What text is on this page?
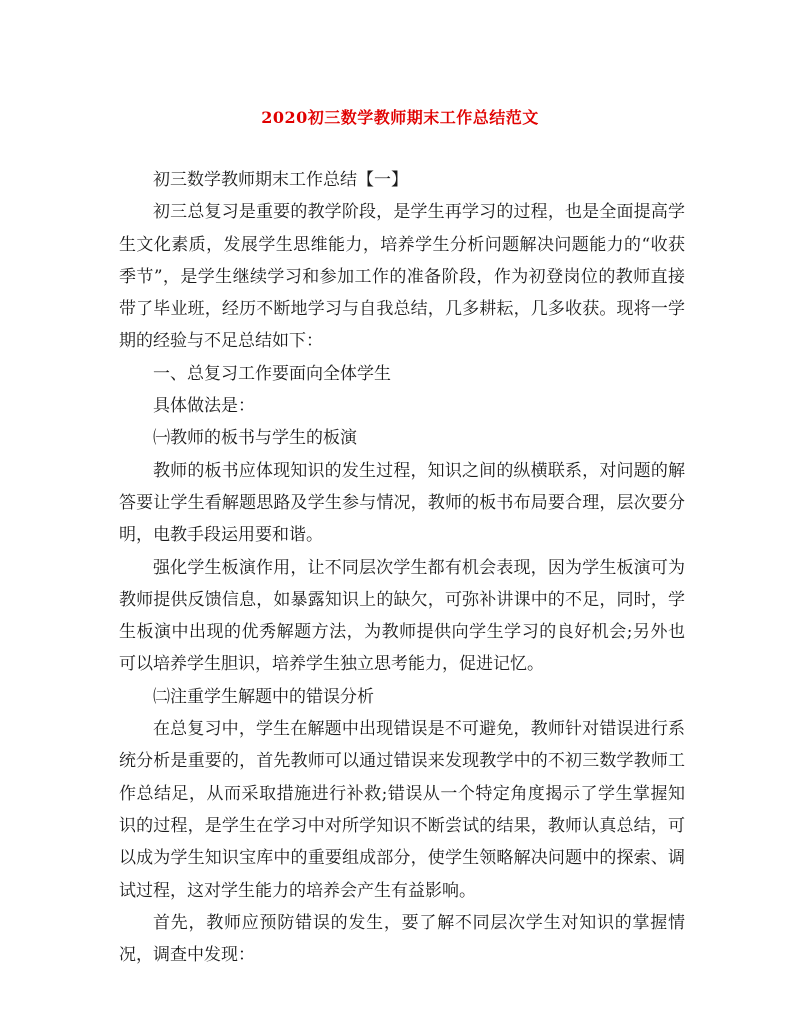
2020初三数学教师期末工作总结范文

初三数学教师期末工作总结【一】

初三总复习是重要的教学阶段，是学生再学习的过程，也是全面提高学生文化素质，发展学生思维能力，培养学生分析问题解决问题能力的“收获季节”，是学生继续学习和参加工作的准备阶段，作为初登岗位的教师直接带了毕业班，经历不断地学习与自我总结，几多耕耘，几多收获。现将一学期的经验与不足总结如下：

一、总复习工作要面向全体学生

具体做法是：

㈠教师的板书与学生的板演

教师的板书应体现知识的发生过程，知识之间的纵横联系，对问题的解答要让学生看解题思路及学生参与情况，教师的板书布局要合理，层次要分明，电教手段运用要和谐。

强化学生板演作用，让不同层次学生都有机会表现，因为学生板演可为教师提供反馈信息，如暴露知识上的缺欠，可弥补讲课中的不足，同时，学生板演中出现的优秀解题方法，为教师提供向学生学习的良好机会;另外也可以培养学生胆识，培养学生独立思考能力，促进记忆。

㈡注重学生解题中的错误分析

在总复习中，学生在解题中出现错误是不可避免，教师针对错误进行系统分析是重要的，首先教师可以通过错误来发现教学中的不初三数学教师工作总结足，从而采取措施进行补救;错误从一个特定角度揭示了学生掌握知识的过程，是学生在学习中对所学知识不断尝试的结果，教师认真总结，可以成为学生知识宝库中的重要组成部分，使学生领略解决问题中的探索、调试过程，这对学生能力的培养会产生有益影响。

首先，教师应预防错误的发生，要了解不同层次学生对知识的掌握情况，调查中发现：
